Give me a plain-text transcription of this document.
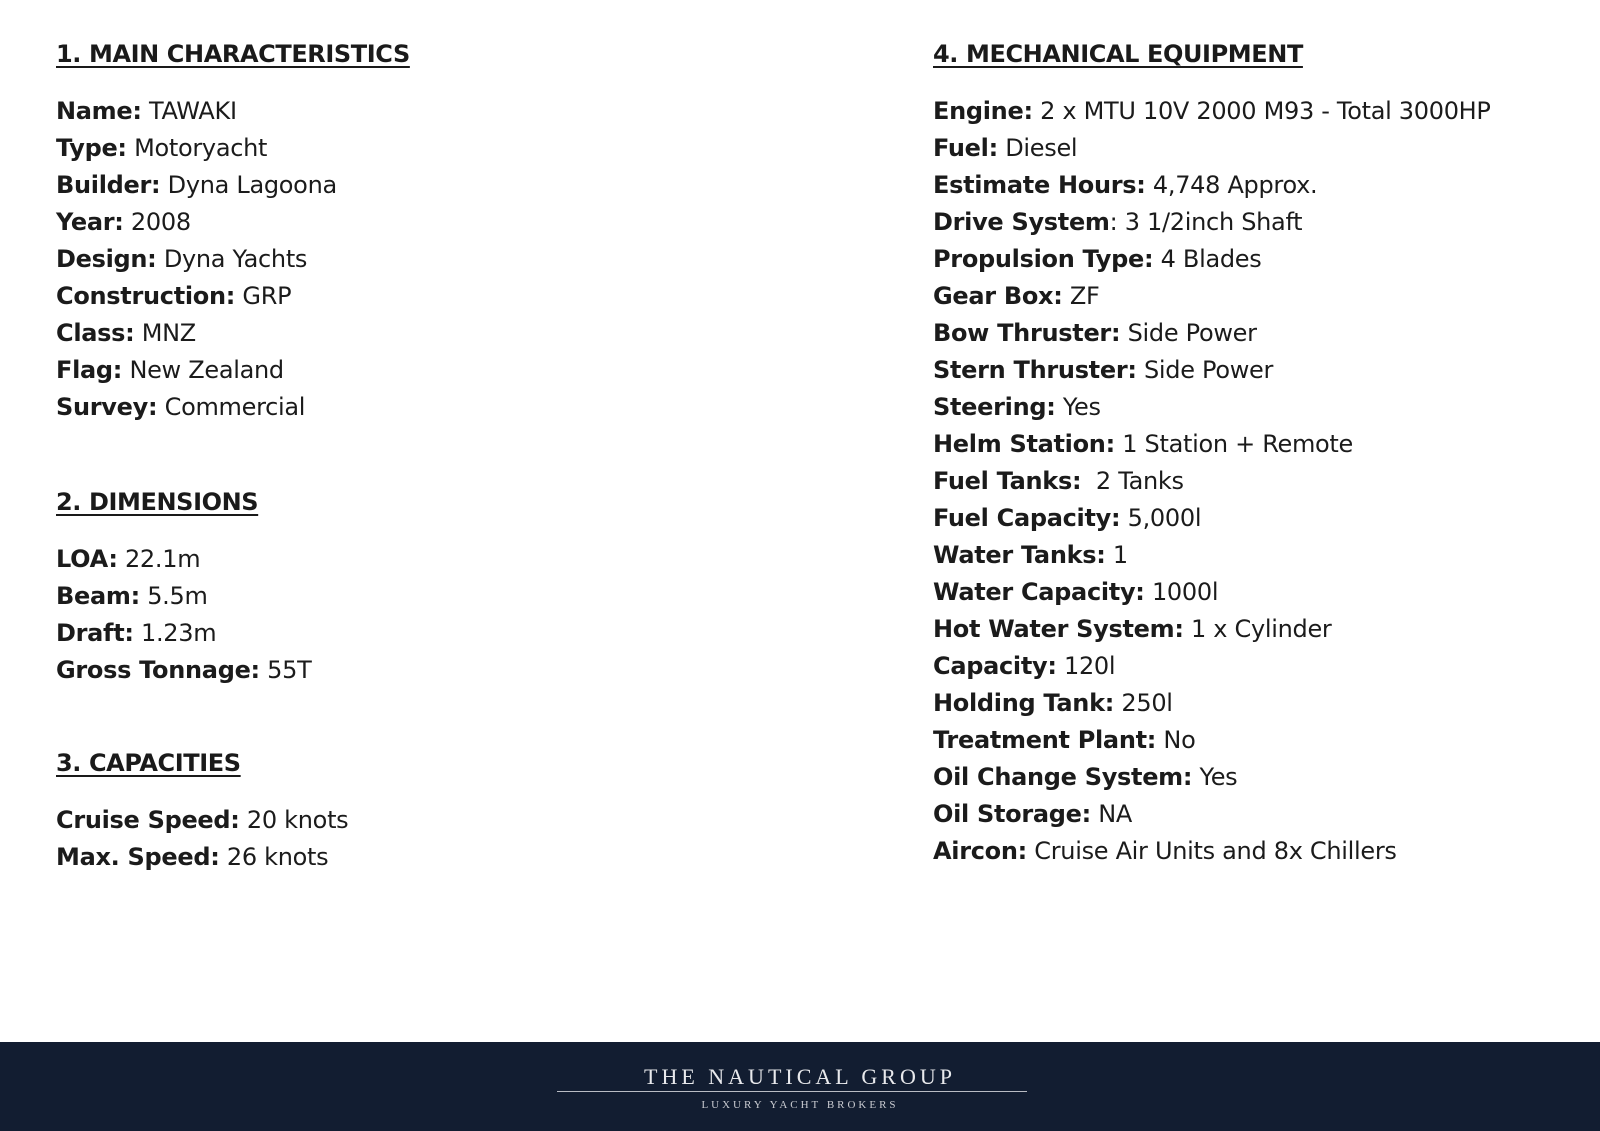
1. MAIN CHARACTERISTICS
Name: TAWAKI
Type: Motoryacht
Builder: Dyna Lagoona
Year: 2008
Design: Dyna Yachts
Construction: GRP
Class: MNZ
Flag: New Zealand
Survey: Commercial
2. DIMENSIONS
LOA: 22.1m
Beam: 5.5m
Draft: 1.23m
Gross Tonnage: 55T
3. CAPACITIES
Cruise Speed: 20 knots
Max. Speed: 26 knots
4. MECHANICAL EQUIPMENT
Engine: 2 x MTU 10V 2000 M93 - Total 3000HP
Fuel: Diesel
Estimate Hours: 4,748 Approx.
Drive System: 3 1/2inch Shaft
Propulsion Type: 4 Blades
Gear Box: ZF
Bow Thruster: Side Power
Stern Thruster: Side Power
Steering: Yes
Helm Station: 1 Station + Remote
Fuel Tanks:  2 Tanks
Fuel Capacity: 5,000l
Water Tanks: 1
Water Capacity: 1000l
Hot Water System: 1 x Cylinder
Capacity: 120l
Holding Tank: 250l
Treatment Plant: No
Oil Change System: Yes
Oil Storage: NA
Aircon: Cruise Air Units and 8x Chillers
THE NAUTICAL GROUP
LUXURY YACHT BROKERS
